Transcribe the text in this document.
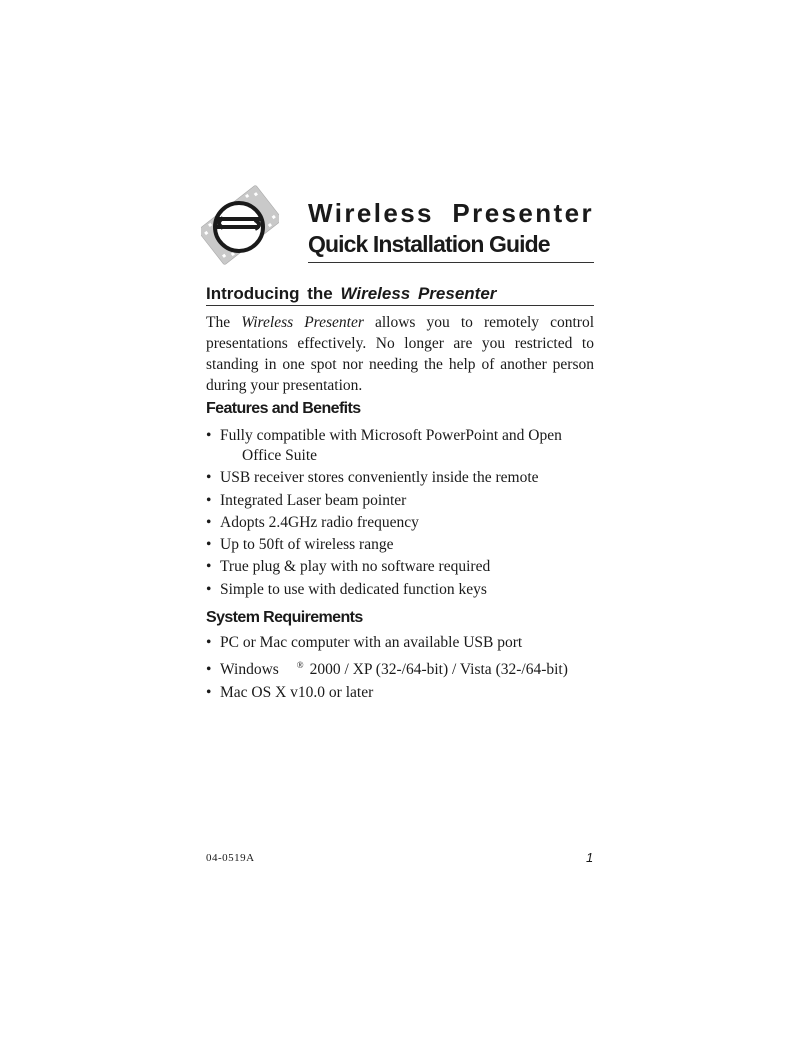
Wireless Presenter
Quick Installation Guide
Introducing the Wireless Presenter

The Wireless Presenter allows you to remotely control presentations effectively. No longer are you restricted to standing in one spot nor needing the help of another person during your presentation.

Features and Benefits
• Fully compatible with Microsoft PowerPoint and Open Office Suite
• USB receiver stores conveniently inside the remote
• Integrated Laser beam pointer
• Adopts 2.4GHz radio frequency
• Up to 50ft of wireless range
• True plug & play with no software required
• Simple to use with dedicated function keys
System Requirements
• PC or Mac computer with an available USB port
• Windows ® 2000 / XP (32-/64-bit) / Vista (32-/64-bit)
• Mac OS X v10.0 or later
04-0519A	1
